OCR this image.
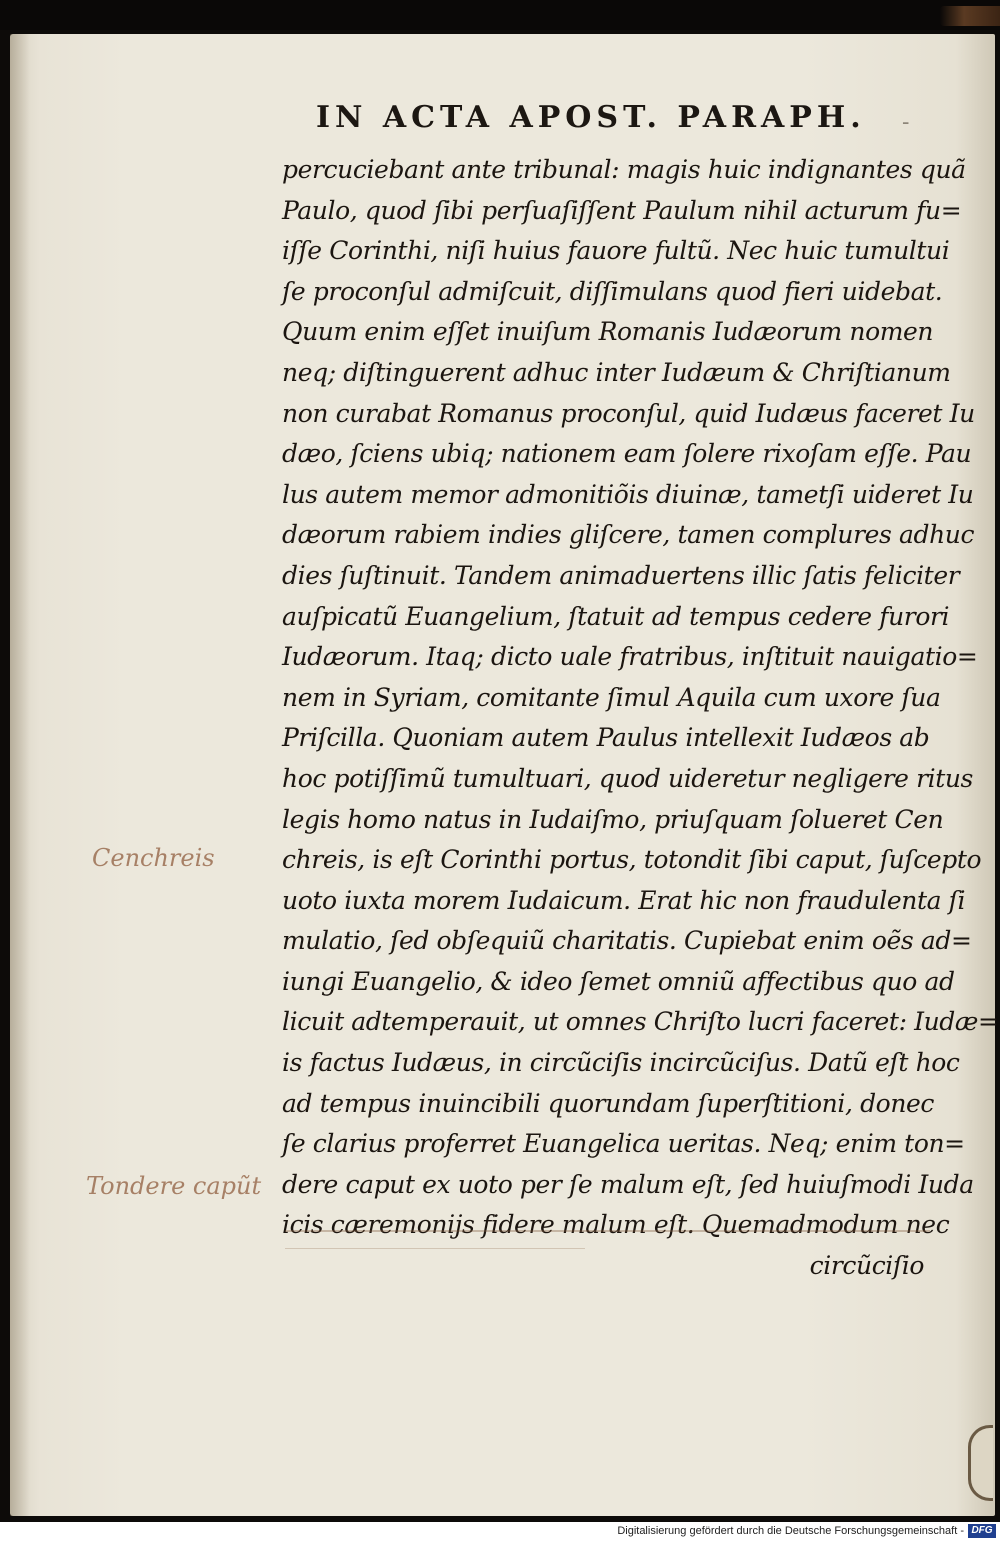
IN ACTA APOST. PARAPH. -
percuciebant ante tribunal: magis huic indignantes quã
Paulo, quod ſibi perſuaſiſſent Paulum nihil acturum fu=
iſſe Corinthi, niſi huius fauore fultũ. Nec huic tumultui
ſe proconſul admiſcuit, diſſimulans quod fieri uidebat.
Quum enim eſſet inuiſum Romanis Iudæorum nomen
neq; diſtinguerent adhuc inter Iudæum & Chriſtianum
non curabat Romanus proconſul, quid Iudæus faceret Iu
dæo, ſciens ubiq; nationem eam ſolere rixoſam eſſe. Pau
lus autem memor admonitiõis diuinæ, tametſi uideret Iu
dæorum rabiem indies gliſcere, tamen complures adhuc
dies ſuſtinuit. Tandem animaduertens illic ſatis feliciter
auſpicatũ Euangelium, ſtatuit ad tempus cedere furori
Iudæorum. Itaq; dicto uale fratribus, inſtituit nauigatio=
nem in Syriam, comitante ſimul Aquila cum uxore ſua
Priſcilla. Quoniam autem Paulus intellexit Iudæos ab
hoc potiſſimũ tumultuari, quod uideretur negligere ritus
legis homo natus in Iudaiſmo, priuſquam ſolueret Cen
chreis, is eſt Corinthi portus, totondit ſibi caput, ſuſcepto
uoto iuxta morem Iudaicum. Erat hic non fraudulenta ſi
mulatio, ſed obſequiũ charitatis. Cupiebat enim oẽs ad=
iungi Euangelio, & ideo ſemet omniũ affectibus quo ad
licuit adtemperauit, ut omnes Chriſto lucri faceret: Iudæ=
is factus Iudæus, in circũciſis incircũciſus. Datũ eſt hoc
ad tempus inuincibili quorundam ſuperſtitioni, donec
ſe clarius proferret Euangelica ueritas. Neq; enim ton=
dere caput ex uoto per ſe malum eſt, ſed huiuſmodi Iuda
icis cæremonijs fidere malum eſt. Quemadmodum nec
circũciſio
Cenchreis
Tondere capũt
Digitalisierung gefördert durch die Deutsche Forschungsgemeinschaft - DFG
